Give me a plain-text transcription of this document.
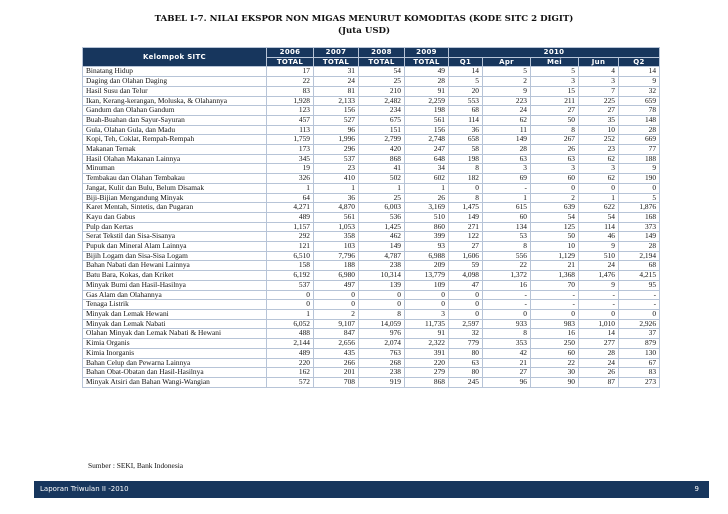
TABEL I-7. NILAI EKSPOR NON MIGAS MENURUT KOMODITAS (KODE SITC 2 DIGIT)
(Juta USD)
Kelompok SITC	2006	2007	2008	2009	2010				
	TOTAL	TOTAL	TOTAL	TOTAL	Q1	Apr	Mei	Jun	Q2
Binatang Hidup	17	31	54	49	14	5	5	4	14
Daging dan Olahan Daging	22	24	25	28	5	2	3	3	9
Hasil Susu dan Telur	83	81	210	91	20	9	15	7	32
Ikan, Kerang-kerangan, Moluska, & Olahannya	1,928	2,133	2,482	2,259	553	223	211	225	659
Gandum dan Olahan Gandum	123	156	234	198	68	24	27	27	78
Buah-Buahan dan Sayur-Sayuran	457	527	675	561	114	62	50	35	148
Gula, Olahan Gula, dan Madu	113	96	151	156	36	11	8	10	28
Kopi, Teh, Coklat, Rempah-Rempah	1,759	1,996	2,799	2,748	658	149	267	252	669
Makanan Ternak	173	296	420	247	58	28	26	23	77
Hasil Olahan Makanan Lainnya	345	537	868	648	198	63	63	62	188
Minuman	19	23	41	34	8	3	3	3	9
Tembakau dan Olahan Tembakau	326	410	502	602	182	69	60	62	190
Jangat, Kulit dan Bulu, Belum Disamak	1	1	1	1	0	-	0	0	0
Biji-Bijian Mengandung Minyak	64	36	25	26	8	1	2	1	5
Karet Mentah, Sintetis, dan Pugaran	4,271	4,870	6,003	3,169	1,475	615	639	622	1,876
Kayu dan Gabus	489	561	536	510	149	60	54	54	168
Pulp dan Kertas	1,157	1,053	1,425	860	271	134	125	114	373
Serat Tekstil dan Sisa-Sisanya	292	358	462	399	122	53	50	46	149
Pupuk dan Mineral Alam Lainnya	121	103	149	93	27	8	10	9	28
Bijih Logam dan Sisa-Sisa Logam	6,510	7,796	4,787	6,988	1,606	556	1,129	510	2,194
Bahan Nabati dan Hewani Lainnya	158	188	238	209	59	22	21	24	68
Batu Bara, Kokas, dan Kriket	6,192	6,980	10,314	13,779	4,098	1,372	1,368	1,476	4,215
Minyak Bumi dan Hasil-Hasilnya	537	497	139	109	47	16	70	9	95
Gas Alam dan Olahannya	0	0	0	0	0	-	-	-	-
Tenaga Listrik	0	0	0	0	0	-	-	-	-
Minyak dan Lemak Hewani	1	2	8	3	0	0	0	0	0
Minyak dan Lemak Nabati	6,052	9,107	14,059	11,735	2,597	933	983	1,010	2,926
Olahan Minyak dan Lemak Nabati & Hewani	488	847	976	91	32	8	16	14	37
Kimia Organis	2,144	2,656	2,074	2,322	779	353	250	277	879
Kimia Inorganis	489	435	763	391	80	42	60	28	130
Bahan Celup dan Pewarna Lainnya	220	266	268	220	63	21	22	24	67
Bahan Obat-Obatan dan Hasil-Hasilnya	162	201	238	279	80	27	30	26	83
Minyak Atsiri dan Bahan Wangi-Wangian	572	708	919	868	245	96	90	87	273
Sumber : SEKI, Bank Indonesia
Laporan Triwulan II -2010	9
